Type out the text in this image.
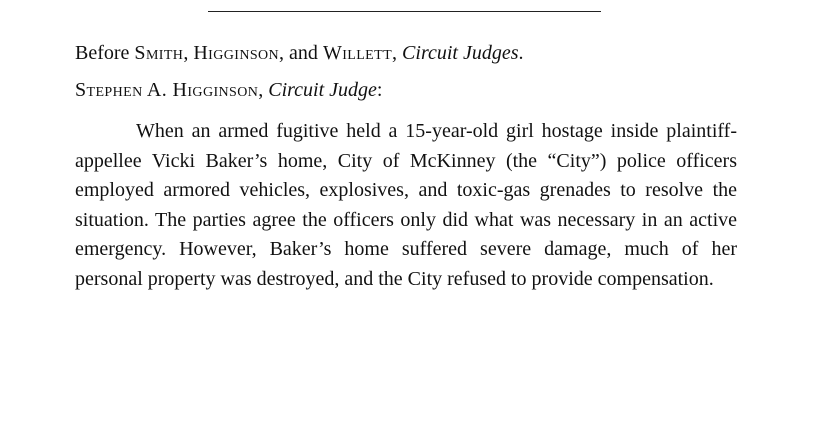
Before Smith, Higginson, and Willett, Circuit Judges.
Stephen A. Higginson, Circuit Judge:

When an armed fugitive held a 15-year-old girl hostage inside plaintiff-appellee Vicki Baker’s home, City of McKinney (the “City”) police officers employed armored vehicles, explosives, and toxic-gas grenades to resolve the situation. The parties agree the officers only did what was necessary in an active emergency. However, Baker’s home suffered severe damage, much of her personal property was destroyed, and the City refused to provide compensation.
